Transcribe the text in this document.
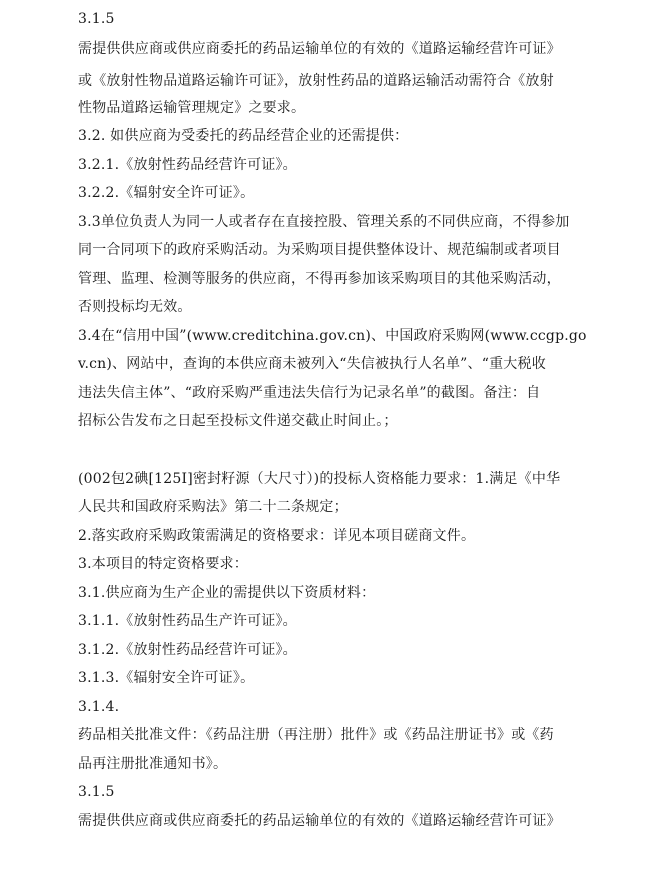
3.1.5
需提供供应商或供应商委托的药品运输单位的有效的《道路运输经营许可证》
或《放射性物品道路运输许可证》，放射性药品的道路运输活动需符合《放射
性物品道路运输管理规定》之要求。
3.2. 如供应商为受委托的药品经营企业的还需提供：
3.2.1.《放射性药品经营许可证》。
3.2.2.《辐射安全许可证》。
3.3单位负责人为同一人或者存在直接控股、管理关系的不同供应商，不得参加
同一合同项下的政府采购活动。为采购项目提供整体设计、规范编制或者项目
管理、监理、检测等服务的供应商，不得再参加该采购项目的其他采购活动，
否则投标均无效。
3.4在“信用中国”(www.creditchina.gov.cn)、中国政府采购网(www.ccgp.go
v.cn)、网站中，查询的本供应商未被列入“失信被执行人名单”、“重大税收
违法失信主体”、“政府采购严重违法失信行为记录名单”的截图。备注：自
招标公告发布之日起至投标文件递交截止时间止。；
(002包2碘[125I]密封籽源（大尺寸）)的投标人资格能力要求：1.满足《中华
人民共和国政府采购法》第二十二条规定；
2.落实政府采购政策需满足的资格要求：详见本项目磋商文件。
3.本项目的特定资格要求：
3.1.供应商为生产企业的需提供以下资质材料：
3.1.1.《放射性药品生产许可证》。
3.1.2.《放射性药品经营许可证》。
3.1.3.《辐射安全许可证》。
3.1.4.
药品相关批准文件：《药品注册（再注册）批件》或《药品注册证书》或《药
品再注册批准通知书》。
3.1.5
需提供供应商或供应商委托的药品运输单位的有效的《道路运输经营许可证》
